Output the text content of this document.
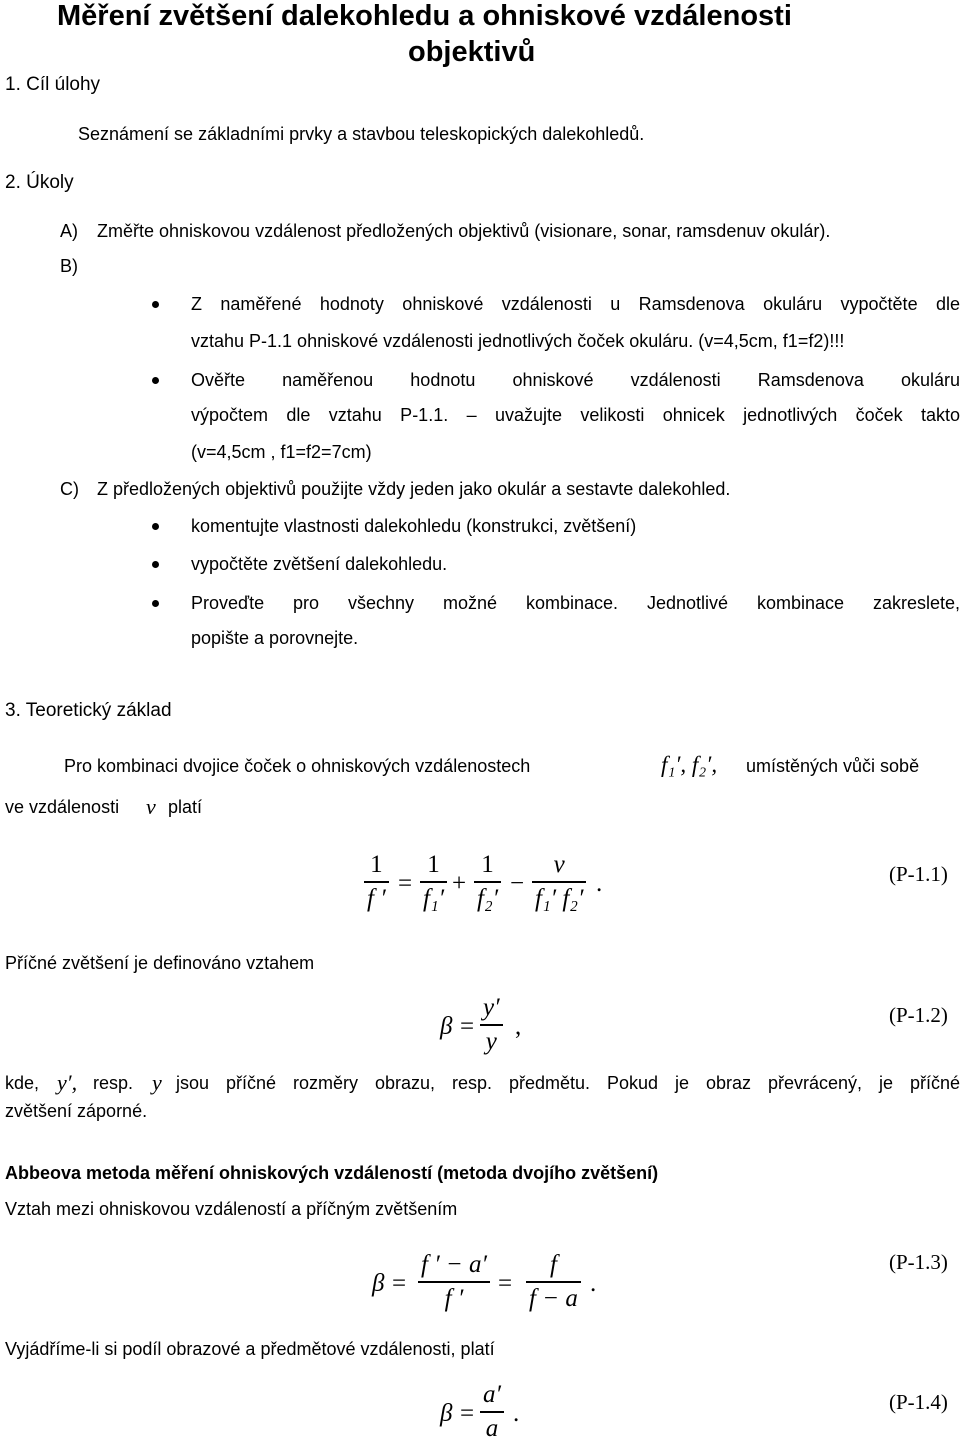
Měření zvětšení dalekohledu a ohniskové vzdálenosti
objektivů
1. Cíl úlohy
Seznámení se základními prvky a stavbou teleskopických dalekohledů.
2. Úkoly
A) Změřte ohniskovou vzdálenost předložených objektivů (visionare, sonar, ramsdenuv okulár).
B)
Z naměřené hodnoty ohniskové vzdálenosti u Ramsdenova okuláru vypočtěte dle
vztahu P-1.1 ohniskové vzdálenosti jednotlivých čoček okuláru. (v=4,5cm, f1=f2)!!!
Ověřte naměřenou hodnotu ohniskové vzdálenosti Ramsdenova okuláru
výpočtem dle vztahu P-1.1. – uvažujte velikosti ohnicek jednotlivých čoček takto
(v=4,5cm , f1=f2=7cm)
C) Z předložených objektivů použijte vždy jeden jako okulár a sestavte dalekohled.
komentujte vlastnosti dalekohledu (konstrukci, zvětšení)
vypočtěte zvětšení dalekohledu.
Proveďte pro všechny možné kombinace. Jednotlivé kombinace zakreslete,
popište a porovnejte.
3. Teoretický základ
Pro kombinaci dvojice čoček o ohniskových vzdálenostech	f₁′, f₂′, umístěných vůči sobě
ve vzdálenosti v platí
1
f ′
=
1
f₁′
+
1
f₂′
−
v
f₁′ f₂′
.	(P-1.1)
Příčné zvětšení je definováno vztahem
β =
y′
y
,	(P-1.2)
kde, y′, resp. y jsou příčné rozměry obrazu, resp. předmětu. Pokud je obraz převrácený, je příčné
zvětšení záporné.
Abbeova metoda měření ohniskových vzdáleností (metoda dvojího zvětšení)
Vztah mezi ohniskovou vzdáleností a příčným zvětšením
β =
f ′ − a′
f ′
=
f
f − a
.
(P-1.3)
Vyjádříme-li si podíl obrazové a předmětové vzdálenosti, platí
β =
a′
a
.	(P-1.4)
